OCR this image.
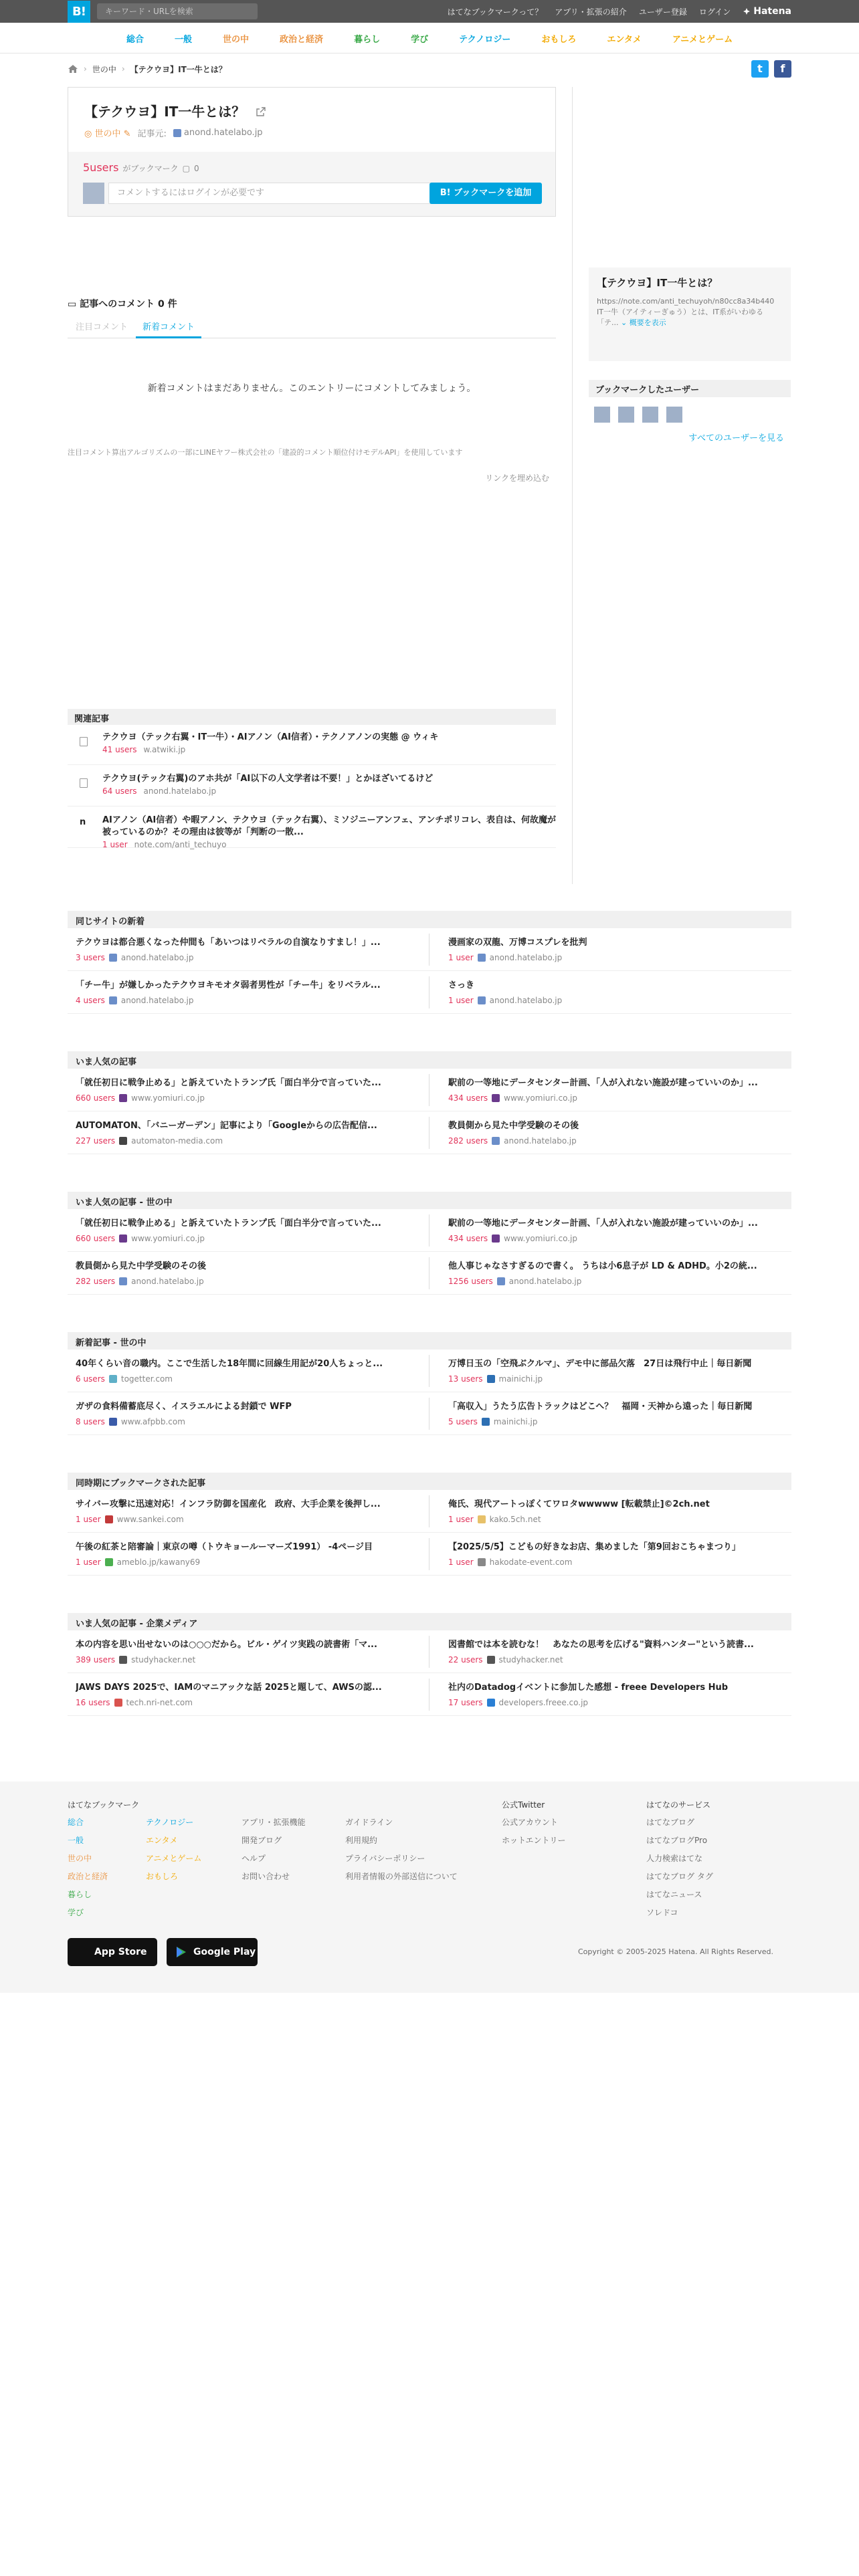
B!	キーワード・URLを検索	はてなブックマークって？ アプリ・拡張の紹介 ユーザー登録 ログイン Hatena
総合	一般	世の中	政治と経済	暮らし	学び	テクノロジー	おもしろ	エンタメ	アニメとゲーム
› 世の中 › 【テクウヨ】IT一牛とは？	t	f
【テクウヨ】IT一牛とは？
◎ 世の中 ✎ 記事元: anond.hatelabo.jp
5users がブックマーク ▢ 0
コメントするにはログインが必要です	B! ブックマークを追加
▭ 記事へのコメント 0 件
注目コメント	新着コメント
新着コメントはまだありません。このエントリーにコメントしてみましょう。
注目コメント算出アルゴリズムの一部にLINEヤフー株式会社の「建設的コメント順位付けモデルAPI」を使用しています
リンクを埋め込む
【テクウヨ】IT一牛とは？
https://note.com/anti_techuyoh/n80cc8a34b440 IT一牛（アイティーぎゅう）とは、IT系がいわゆる「テ... ⌄ 概要を表示
ブックマークしたユーザー
すべてのユーザーを見る
関連記事
テクウヨ（テック右翼・IT一牛）・AIアノン（AI信者）・テクノアノンの実態 @ ウィキ
41 users w.atwiki.jp
テクウヨ(テック右翼)のアホ共が「AI以下の人文学者は不要！」とかほざいてるけど
64 users anond.hatelabo.jp
n AIアノン（AI信者）や暇アノン、テクウヨ（テック右翼）、ミソジニーアンフェ、アンチポリコレ、表自は、何故魔が被っているのか？その理由は彼等が「判断の一散...
1 user note.com/anti_techuyo
同じサイトの新着
テクウヨは都合悪くなった仲間も「あいつはリベラルの自演なりすまし！」...
3 users anond.hatelabo.jp
漫画家の双龍、万博コスプレを批判
1 user anond.hatelabo.jp
「チー牛」が嫌しかったテクウヨキモオタ弱者男性が「チー牛」をリベラル...
4 users anond.hatelabo.jp
さっき
1 user anond.hatelabo.jp
いま人気の記事
「就任初日に戦争止める」と訴えていたトランプ氏「面白半分で言っていた...
660 users www.yomiuri.co.jp
駅前の一等地にデータセンター計画、「人が入れない施設が建っていいのか」...
434 users www.yomiuri.co.jp
AUTOMATON、「バニーガーデン」記事により「Googleからの広告配信...
227 users automaton-media.com
教員側から見た中学受験のその後
282 users anond.hatelabo.jp
いま人気の記事 - 世の中
「就任初日に戦争止める」と訴えていたトランプ氏「面白半分で言っていた...
660 users www.yomiuri.co.jp
駅前の一等地にデータセンター計画、「人が入れない施設が建っていいのか」...
434 users www.yomiuri.co.jp
教員側から見た中学受験のその後
282 users anond.hatelabo.jp
他人事じゃなさすぎるので書く。 うちは小6息子が LD & ADHD。小2の統...
1256 users anond.hatelabo.jp
新着記事 - 世の中
40年くらい音の職内。ここで生活した18年間に回線生用記が20人ちょっと...
6 users togetter.com
万博日玉の「空飛ぶクルマ」、デモ中に部品欠落　27日は飛行中止｜毎日新聞
13 users mainichi.jp
ガザの食料備蓄底尽く、イスラエルによる封鎖で WFP
8 users www.afpbb.com
「高収入」うたう広告トラックはどこへ？　福岡・天神から遠った｜毎日新聞
5 users mainichi.jp
同時期にブックマークされた記事
サイバー攻撃に迅速対応！インフラ防御を国産化　政府、大手企業を後押し...
1 user www.sankei.com
俺氏、現代アートっぽくてワロタwwwww [転載禁止]©2ch.net
1 user kako.5ch.net
午後の紅茶と陪審論｜東京の噂（トウキョールーマーズ1991） -4ページ目
1 user ameblo.jp/kawany69
【2025/5/5】こどもの好きなお店、集めました「第9回おこちゃまつり」
1 user hakodate-event.com
いま人気の記事 - 企業メディア
本の内容を思い出せないのは○○○だから。ビル・ゲイツ実践の読書術「マ...
389 users studyhacker.net
図書館では本を読むな！　あなたの思考を広げる"資料ハンター"という読書...
22 users studyhacker.net
JAWS DAYS 2025で、IAMのマニアックな話 2025と題して、AWSの認...
16 users tech.nri-net.com
社内のDatadogイベントに参加した感想 - freee Developers Hub
17 users developers.freee.co.jp
はてなブックマーク
総合
一般
世の中
政治と経済
暮らし
学び
テクノロジー
エンタメ
アニメとゲーム
おもしろ
アプリ・拡張機能
開発ブログ
ヘルプ
お問い合わせ
ガイドライン
利用規約
プライバシーポリシー
利用者情報の外部送信について
公式Twitter
公式アカウント
ホットエントリー
はてなのサービス
はてなブログ
はてなブログPro
人力検索はてな
はてなブログ タグ
はてなニュース
ソレドコ
App Store	Google Play	Copyright © 2005-2025 Hatena. All Rights Reserved.
